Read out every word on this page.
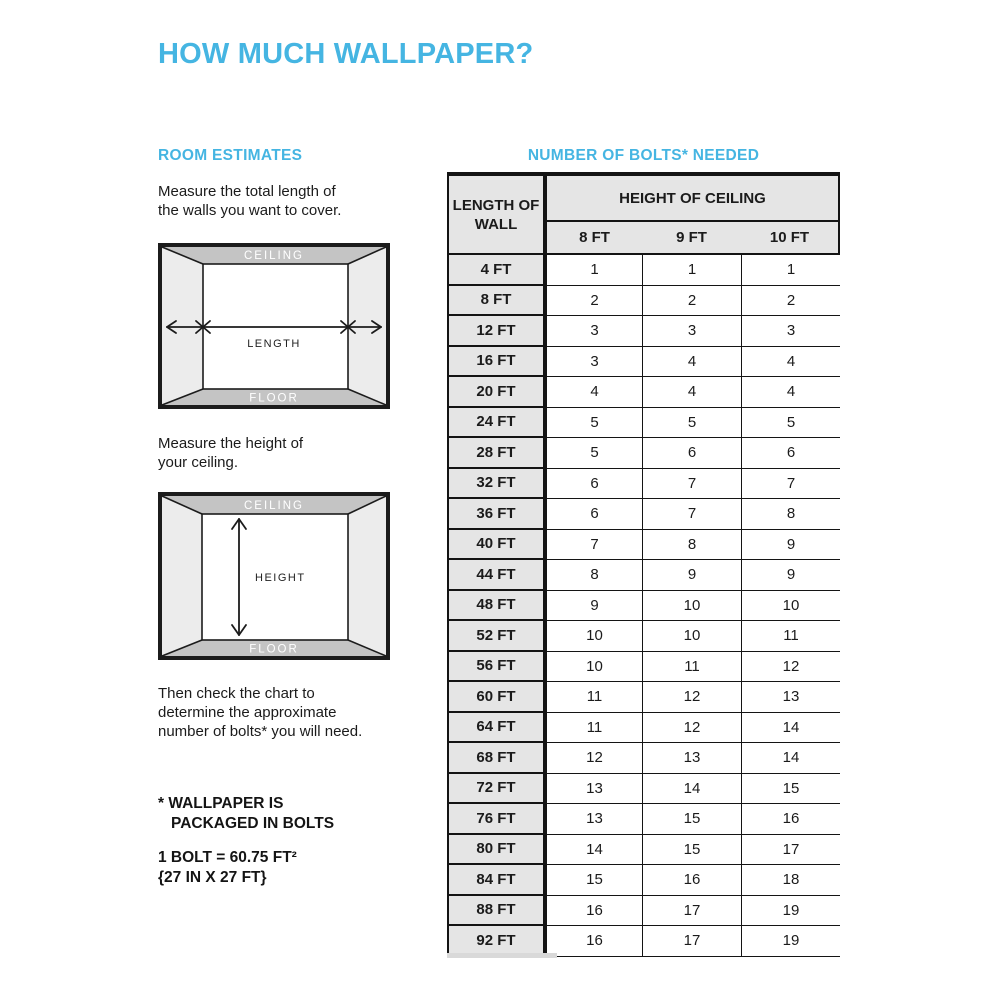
HOW MUCH WALLPAPER?
ROOM ESTIMATES
Measure the total length of
the walls you want to cover.
CEILING
FLOOR
LENGTH
Measure the height of
your ceiling.
CEILING
FLOOR
HEIGHT
Then check the chart to
determine the approximate
number of bolts* you will need.
* WALLPAPER IS
PACKAGED IN BOLTS
1 BOLT = 60.75 FT²
{27 IN X 27 FT}
NUMBER OF BOLTS* NEEDED
LENGTH OF WALL
HEIGHT OF CEILING
8 FT	9 FT	10 FT
4 FT	1	1	1
8 FT	2	2	2
12 FT	3	3	3
16 FT	3	4	4
20 FT	4	4	4
24 FT	5	5	5
28 FT	5	6	6
32 FT	6	7	7
36 FT	6	7	8
40 FT	7	8	9
44 FT	8	9	9
48 FT	9	10	10
52 FT	10	10	11
56 FT	10	11	12
60 FT	11	12	13
64 FT	11	12	14
68 FT	12	13	14
72 FT	13	14	15
76 FT	13	15	16
80 FT	14	15	17
84 FT	15	16	18
88 FT	16	17	19
92 FT	16	17	19
